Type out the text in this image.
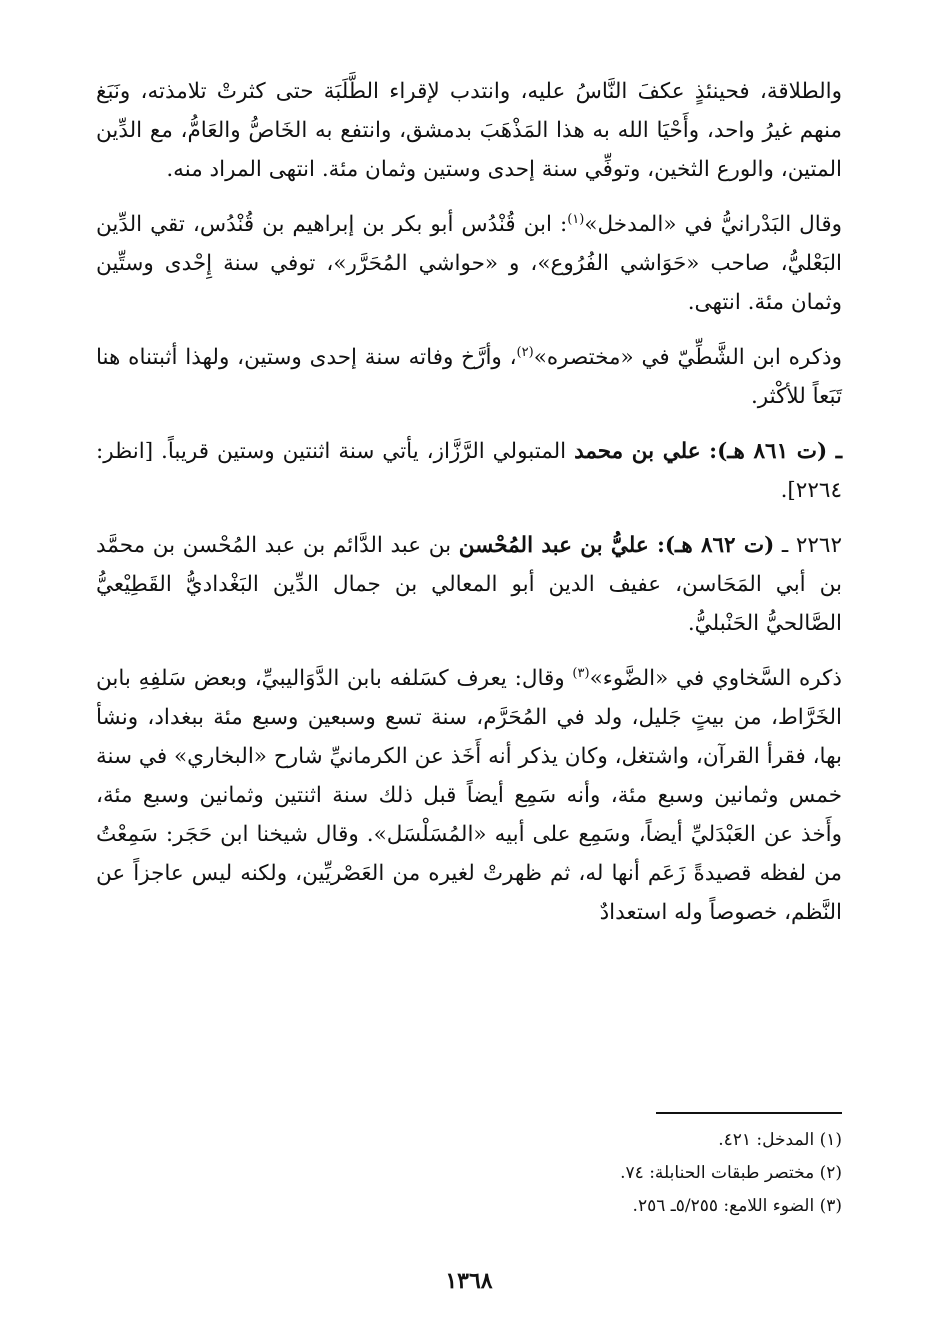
والطلاقة، فحينئذٍ عكفَ النَّاسُ عليه، وانتدب لإقراء الطَّلَبَة حتى كثرتْ تلامذته، ونَبَغ منهم غيرُ واحد، وأَحْيَا الله به هذا المَذْهَبَ بدمشق، وانتفع به الخَاصُّ والعَامُّ، مع الدِّين المتين، والورع الثخين، وتوفِّي سنة إحدى وستين وثمان مئة. انتهى المراد منه.

وقال البَدْرانيُّ في «المدخل»$^{(١)}$: ابن قُنْدُس أبو بكر بن إبراهيم بن قُنْدُس، تقي الدِّين البَعْليُّ، صاحب «حَوَاشي الفُرُوع»، و «حواشي المُحَرَّر»، توفي سنة إِحْدى وستِّين وثمان مئة. انتهى.

وذكره ابن الشَّطِّيّ في «مختصره»$^{(٢)}$، وأرَّخ وفاته سنة إحدى وستين، ولهذا أثبتناه هنا تَبَعاً للأكْثر.

ـ (ت ٨٦١ هـ): علي بن محمد المتبولي الرَّزَّاز، يأتي سنة اثنتين وستين قريباً. [انظر: ٢٢٦٤].

٢٢٦٢ ـ (ت ٨٦٢ هـ): عليُّ بن عبد المُحْسن بن عبد الدَّائم بن عبد المُحْسن بن محمَّد بن أبي المَحَاسن، عفيف الدين أبو المعالي بن جمال الدِّين البَغْداديُّ القَطِيْعيُّ الصَّالحيُّ الحَنْبليُّ.

ذكره السَّخاوي في «الضَّوء»$^{(٣)}$ وقال: يعرف كسَلفه بابن الدَّوَاليبيِّ، وبعض سَلفِهِ بابن الخَرَّاط، من بيتٍ جَليل، ولد في المُحَرَّم، سنة تسع وسبعين وسبع مئة ببغداد، ونشأ بها، فقرأ القرآن، واشتغل، وكان يذكر أنه أَخَذ عن الكرمانيِّ شارح «البخاري» في سنة خمس وثمانين وسبع مئة، وأنه سَمِع أيضاً قبل ذلك سنة اثنتين وثمانين وسبع مئة، وأَخذ عن العَبْدَليِّ أيضاً، وسَمِع على أبيه «المُسَلْسَل». وقال شيخنا ابن حَجَر: سَمِعْتُ من لفظه قصيدةً زَعَم أنها له، ثم ظهرتْ لغيره من العَصْريِّين، ولكنه ليس عاجزاً عن النَّظم، خصوصاً وله استعدادٌ

(١) المدخل: ٤٢١.
(٢) مختصر طبقات الحنابلة: ٧٤.
(٣) الضوء اللامع: ٥/٢٥٥ـ ٢٥٦.
١٣٦٨
